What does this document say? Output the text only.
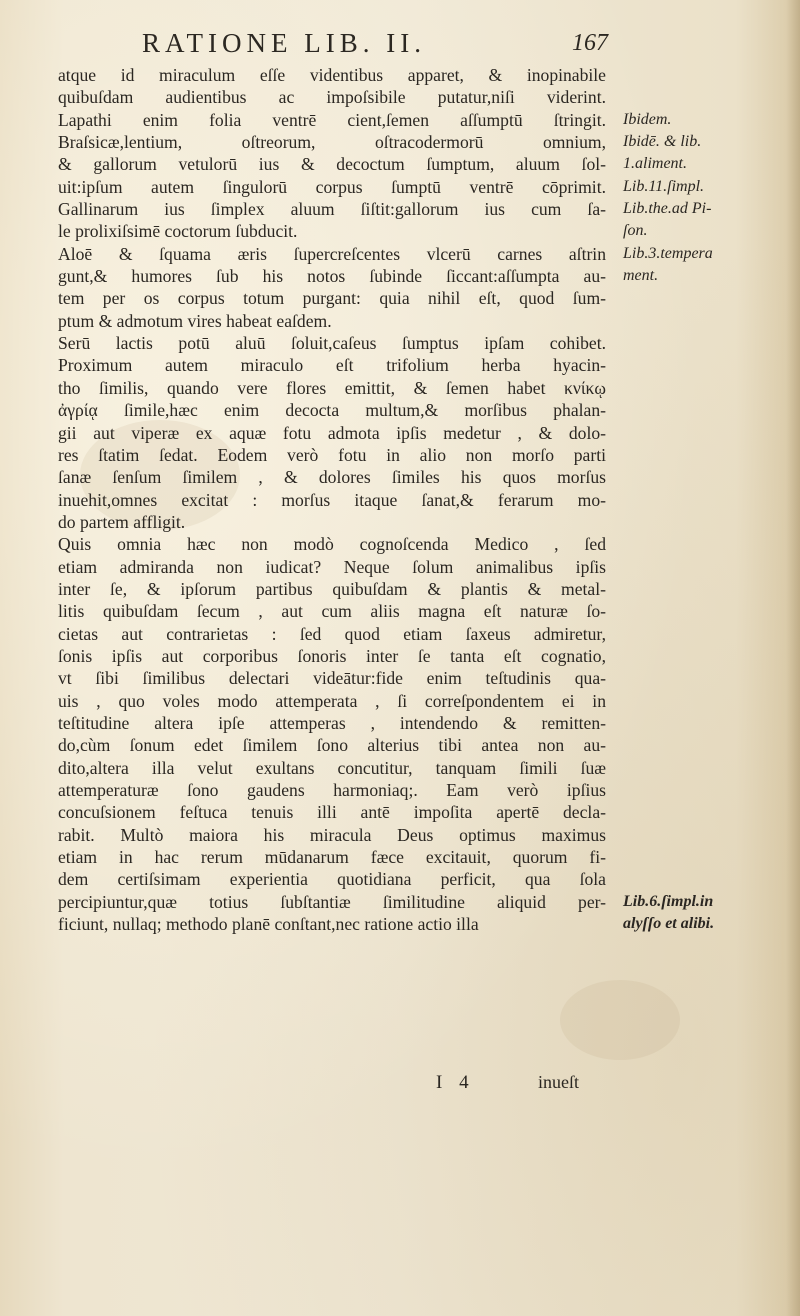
RATIONE LIB. II.	167
atque id miraculum eſſe videntibus apparet, & inopinabile
quibuſdam audientibus ac impoſsibile putatur,niſi viderint.
Lapathi enim folia ventrē cient,ſemen aſſumptū ſtringit.
Braſsicæ,lentium, oſtreorum, oſtracodermorū omnium,
& gallorum vetulorū ius & decoctum ſumptum, aluum ſol-
uit:ipſum autem ſingulorū corpus ſumptū ventrē cōprimit.
Gallinarum ius ſimplex aluum ſiſtit:gallorum ius cum ſa-
le prolixiſsimē coctorum ſubducit.
Aloē & ſquama æris ſupercreſcentes vlcerū carnes aſtrin
gunt,& humores ſub his notos ſubinde ſiccant:aſſumpta au-
tem per os corpus totum purgant: quia nihil eſt, quod ſum-
ptum & admotum vires habeat eaſdem.
Serū lactis potū aluū ſoluit,caſeus ſumptus ipſam cohibet.
Proximum autem miraculo eſt trifolium herba hyacin-
tho ſimilis, quando vere flores emittit, & ſemen habet κνίκῳ
ἀγρίᾳ ſimile,hæc enim decocta multum,& morſibus phalan-
gii aut viperæ ex aquæ fotu admota ipſis medetur , & dolo-
res ſtatim ſedat. Eodem verò fotu in alio non morſo parti
ſanæ ſenſum ſimilem , & dolores ſimiles his quos morſus
inuehit,omnes excitat : morſus itaque ſanat,& ferarum mo-
do partem affligit.
Quis omnia hæc non modò cognoſcenda Medico , ſed
etiam admiranda non iudicat? Neque ſolum animalibus ipſis
inter ſe, & ipſorum partibus quibuſdam & plantis & metal-
litis quibuſdam ſecum , aut cum aliis magna eſt naturæ ſo-
cietas aut contrarietas : ſed quod etiam ſaxeus admiretur,
ſonis ipſis aut corporibus ſonoris inter ſe tanta eſt cognatio,
vt ſibi ſimilibus delectari videātur:fide enim teſtudinis qua-
uis , quo voles modo attemperata , ſi correſpondentem ei in
teſtitudine altera ipſe attemperas , intendendo & remitten-
do,cùm ſonum edet ſimilem ſono alterius tibi antea non au-
dito,altera illa velut exultans concutitur, tanquam ſimili ſuæ
attemperaturæ ſono gaudens harmoniaq;. Eam verò ipſius
concuſsionem feſtuca tenuis illi antē impoſita apertē decla-
rabit. Multò maiora his miracula Deus optimus maximus
etiam in hac rerum mūdanarum fæce excitauit, quorum fi-
dem certiſsimam experientia quotidiana perficit, qua ſola
percipiuntur,quæ totius ſubſtantiæ ſimilitudine aliquid per-
ficiunt, nullaq; methodo planē conſtant,nec ratione actio illa
Ibidem.
Ibidē. & lib.
1.aliment.
Lib.11.ſimpl.
Lib.the.ad Pi-
ſon.
Lib.3.tempera
ment.
Lib.6.ſimpl.in
alyſſo et alibi.
I 4	inueſt
